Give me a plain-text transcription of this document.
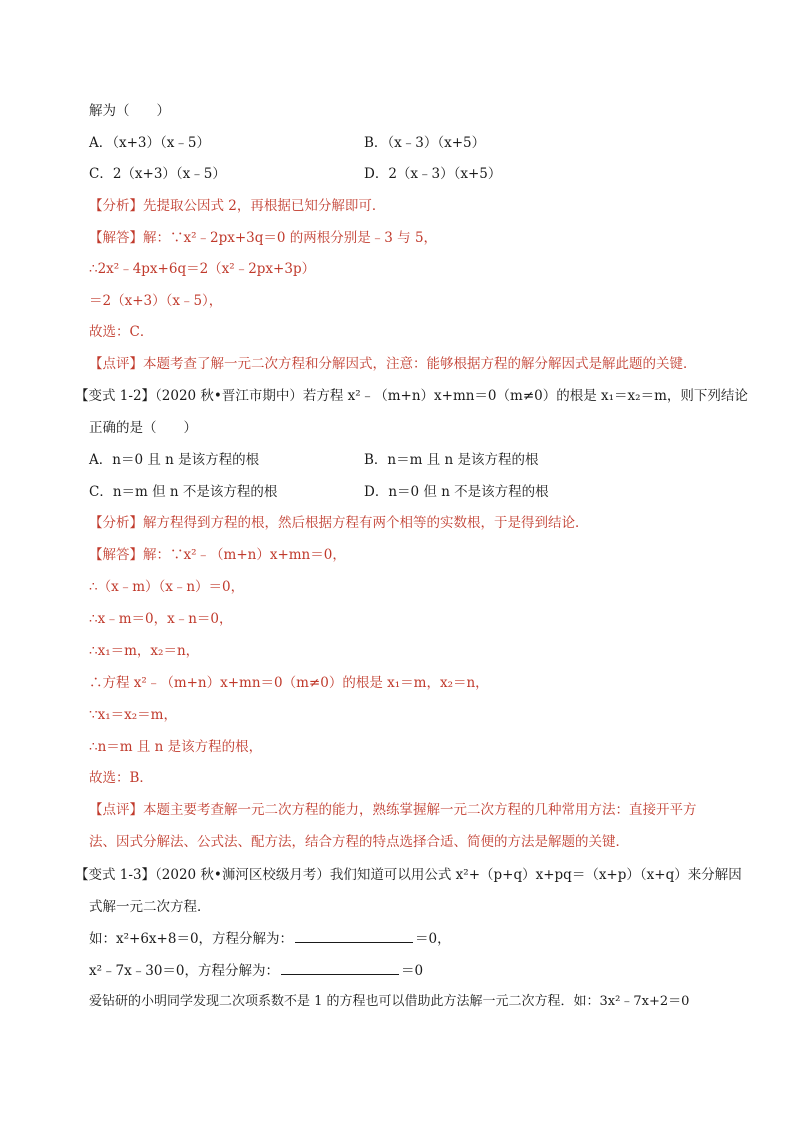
解为（　　）
A．（x+3）（x﹣5）	B．（x﹣3）（x+5）
C．2（x+3）（x﹣5）	D．2（x﹣3）（x+5）
【分析】先提取公因式 2，再根据已知分解即可．
【解答】解：∵x²﹣2px+3q＝0 的两根分别是﹣3 与 5，
∴2x²﹣4px+6q＝2（x²﹣2px+3p）
＝2（x+3）（x﹣5），
故选：C．
【点评】本题考查了解一元二次方程和分解因式，注意：能够根据方程的解分解因式是解此题的关键．
【变式 1-2】（2020 秋•晋江市期中）若方程 x²﹣（m+n）x+mn＝0（m≠0）的根是 x₁＝x₂＝m，则下列结论
正确的是（　　）
A．n＝0 且 n 是该方程的根	B．n＝m 且 n 是该方程的根
C．n＝m 但 n 不是该方程的根	D．n＝0 但 n 不是该方程的根
【分析】解方程得到方程的根，然后根据方程有两个相等的实数根，于是得到结论．
【解答】解：∵x²﹣（m+n）x+mn＝0，
∴（x﹣m）（x﹣n）＝0，
∴x﹣m＝0，x﹣n＝0，
∴x₁＝m，x₂＝n，
∴方程 x²﹣（m+n）x+mn＝0（m≠0）的根是 x₁＝m，x₂＝n，
∵x₁＝x₂＝m，
∴n＝m 且 n 是该方程的根，
故选：B．
【点评】本题主要考查解一元二次方程的能力，熟练掌握解一元二次方程的几种常用方法：直接开平方
法、因式分解法、公式法、配方法，结合方程的特点选择合适、简便的方法是解题的关键．
【变式 1-3】（2020 秋•浉河区校级月考）我们知道可以用公式 x²+（p+q）x+pq＝（x+p）（x+q）来分解因
式解一元二次方程．
如：x²+6x+8＝0，方程分解为：	＝0，
x²﹣7x﹣30＝0，方程分解为：	＝0
爱钻研的小明同学发现二次项系数不是 1 的方程也可以借助此方法解一元二次方程．如：3x²﹣7x+2＝0
